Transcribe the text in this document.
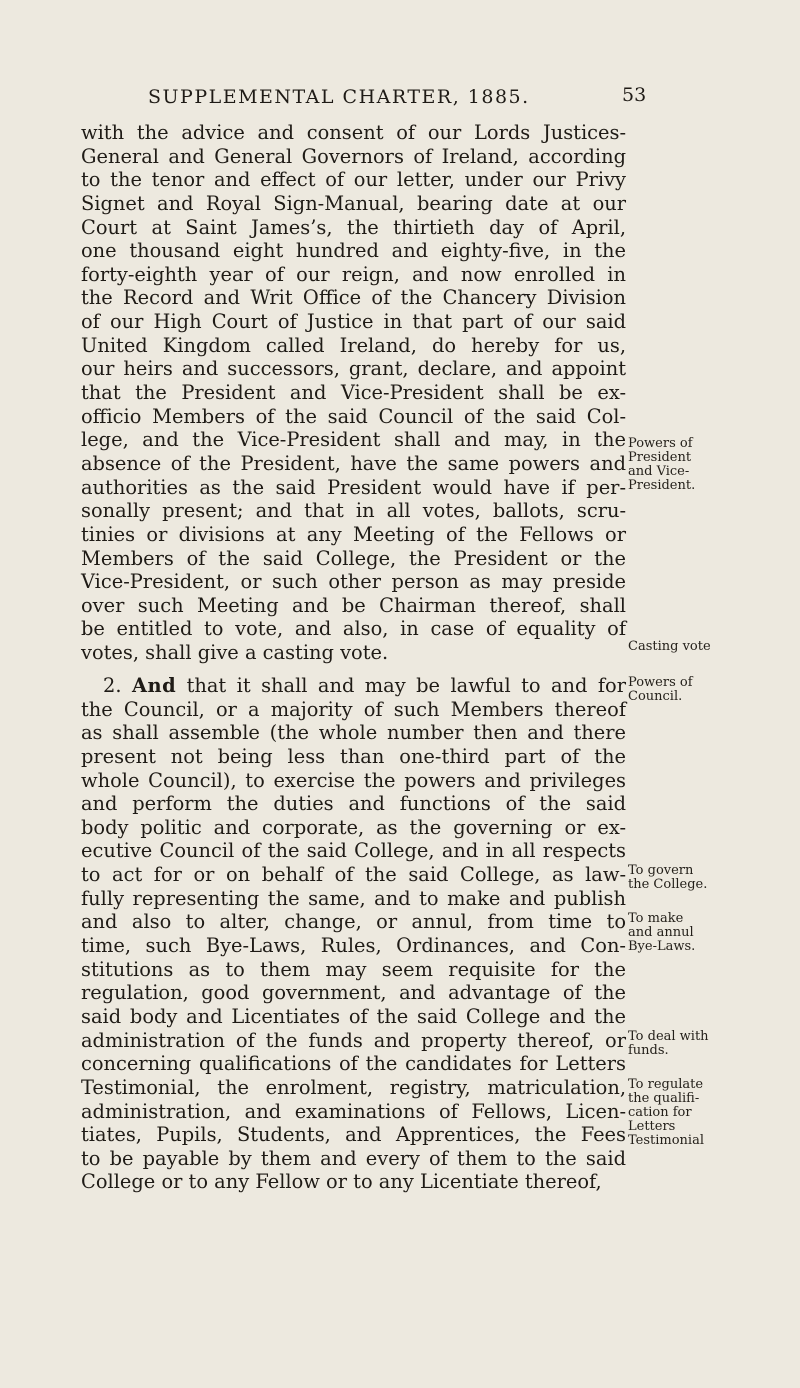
SUPPLEMENTAL CHARTER, 1885.	53
with the advice and consent of our Lords Justices-
General and General Governors of Ireland, according
to the tenor and effect of our letter, under our Privy
Signet and Royal Sign-Manual, bearing date at our
Court at Saint James’s, the thirtieth day of April,
one thousand eight hundred and eighty-five, in the
forty-eighth year of our reign, and now enrolled in
the Record and Writ Office of the Chancery Division
of our High Court of Justice in that part of our said
United Kingdom called Ireland, do hereby for us,
our heirs and successors, grant, declare, and appoint
that the President and Vice-President shall be ex-
officio Members of the said Council of the said Col-
lege, and the Vice-President shall and may, in the
absence of the President, have the same powers and
authorities as the said President would have if per-
sonally present; and that in all votes, ballots, scru-
tinies or divisions at any Meeting of the Fellows or
Members of the said College, the President or the
Vice-President, or such other person as may preside
over such Meeting and be Chairman thereof, shall
be entitled to vote, and also, in case of equality of
votes, shall give a casting vote.
2. And that it shall and may be lawful to and for
the Council, or a majority of such Members thereof
as shall assemble (the whole number then and there
present not being less than one-third part of the
whole Council), to exercise the powers and privileges
and perform the duties and functions of the said
body politic and corporate, as the governing or ex-
ecutive Council of the said College, and in all respects
to act for or on behalf of the said College, as law-
fully representing the same, and to make and publish
and also to alter, change, or annul, from time to
time, such Bye-Laws, Rules, Ordinances, and Con-
stitutions as to them may seem requisite for the
regulation, good government, and advantage of the
said body and Licentiates of the said College and the
administration of the funds and property thereof, or
concerning qualifications of the candidates for Letters
Testimonial, the enrolment, registry, matriculation,
administration, and examinations of Fellows, Licen-
tiates, Pupils, Students, and Apprentices, the Fees
to be payable by them and every of them to the said
College or to any Fellow or to any Licentiate thereof,
Powers of
President
and Vice-
President.
Casting vote
Powers of
Council.
To govern
the College.
To make
and annul
Bye-Laws.
To deal with
funds.
To regulate
the qualifi-
cation for
Letters
Testimonial
